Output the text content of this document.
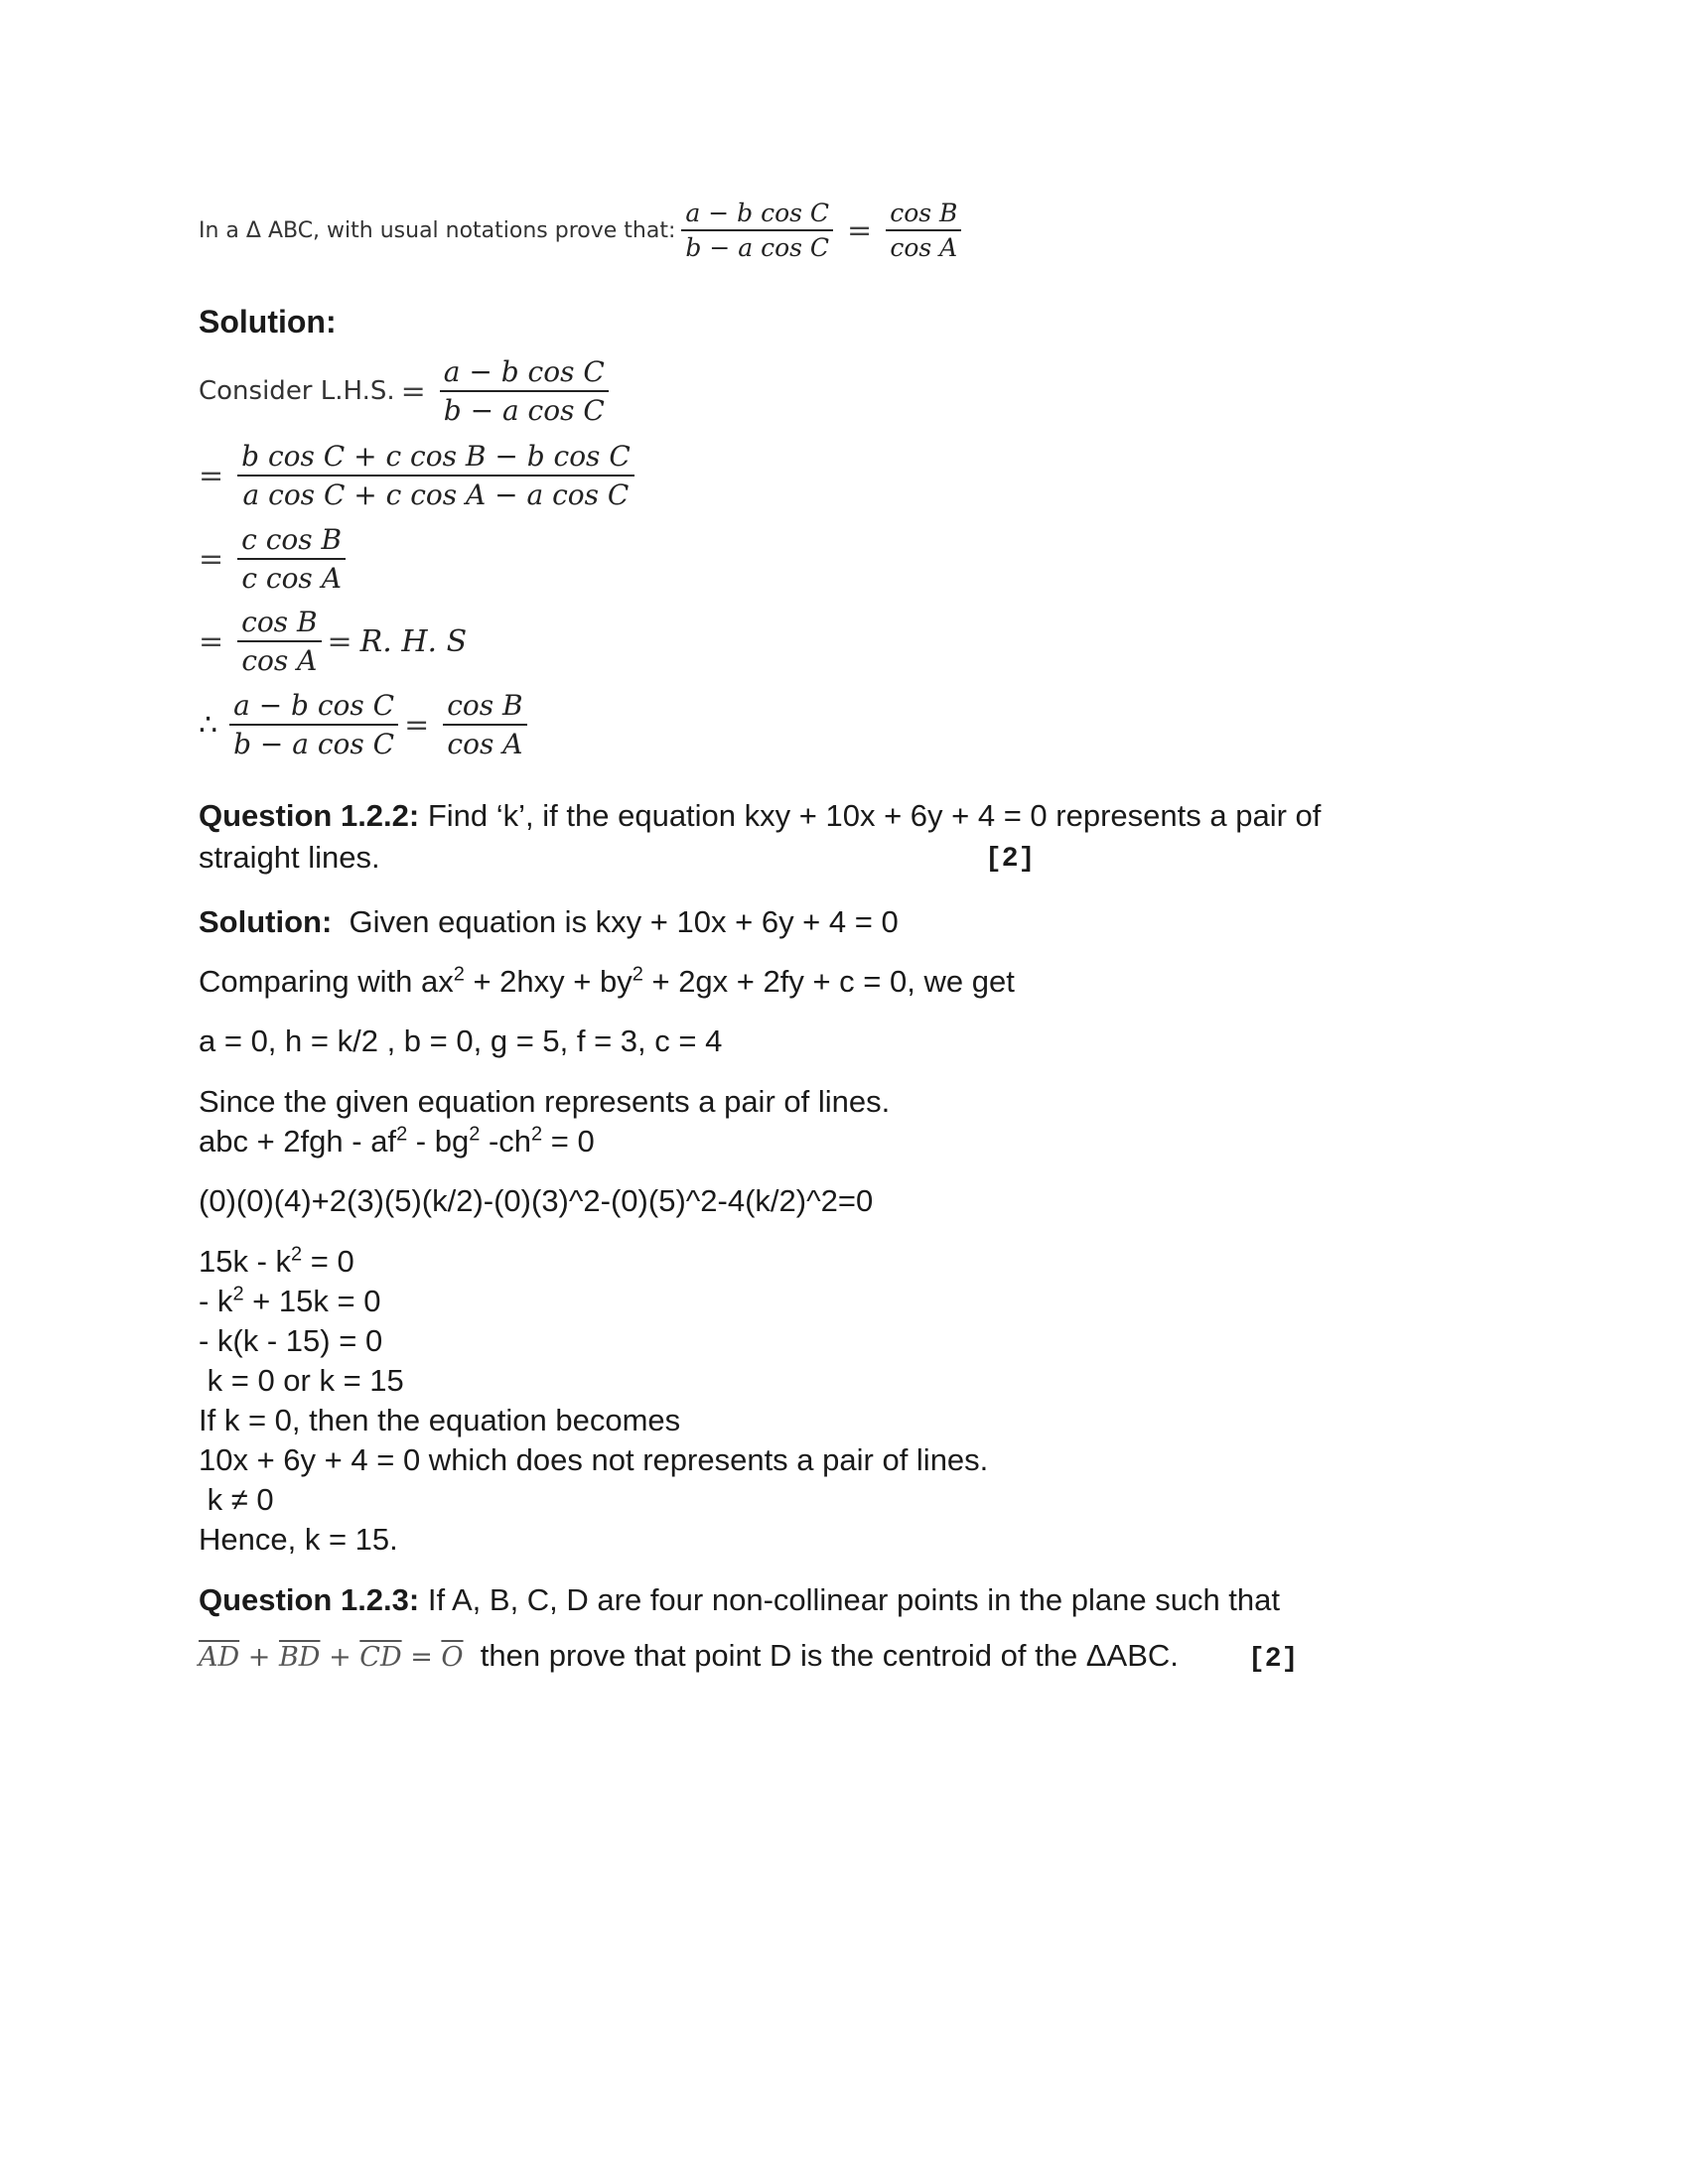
In a Δ ABC, with usual notations prove that: $\frac{\text{a − b cos C}}{\text{b − a cos C}} = \frac{\text{cos B}}{\text{cos A}}$
Solution:
Consider L.H.S. = $\frac{\text{a − b cos C}}{\text{b − a cos C}}$
= $\frac{\text{b cos C + c cos B − b cos C}}{\text{a cos C + c cos A − a cos C}}$
= $\frac{\text{c cos B}}{\text{c cos A}}$
= $\frac{\text{cos B}}{\text{cos A}} = R$. H. S
∴ $\frac{\text{a − b cos C}}{\text{b − a cos C}} = \frac{\text{cos B}}{\text{cos A}}$
Question 1.2.2: Find ‘k’, if the equation kxy + 10x + 6y + 4 = 0 represents a pair of
straight lines.	[2]
Solution: Given equation is kxy + 10x + 6y + 4 = 0
Comparing with $ax^2 + 2hxy + by^2 + 2gx + 2fy + c = 0$, we get
a = 0, h = k/2 , b = 0, g = 5, f = 3, c = 4
Since the given equation represents a pair of lines.
abc + $2fgh - af^2 - bg^2$ $-ch^2 = 0$
(0)(0)(4)+2(3)(5)(k/2)-(0)(3)^2-(0)(5)^2-4(k/2)^2=0
$15k - k^2 = 0$
- $k^2 + 15k = 0$
- k(k - 15) = 0
k = 0 or k = 15
If k = 0, then the equation becomes
10x + 6y + 4 = 0 which does not represents a pair of lines.
k ≠ 0
Hence, k = 15.
Question 1.2.3: If A, B, C, D are four non-collinear points in the plane such that
$\overline{AD} + \overline{BD} + \overline{CD} = \overline{O}$ then prove that point D is the centroid of the ΔABC.	[2]
